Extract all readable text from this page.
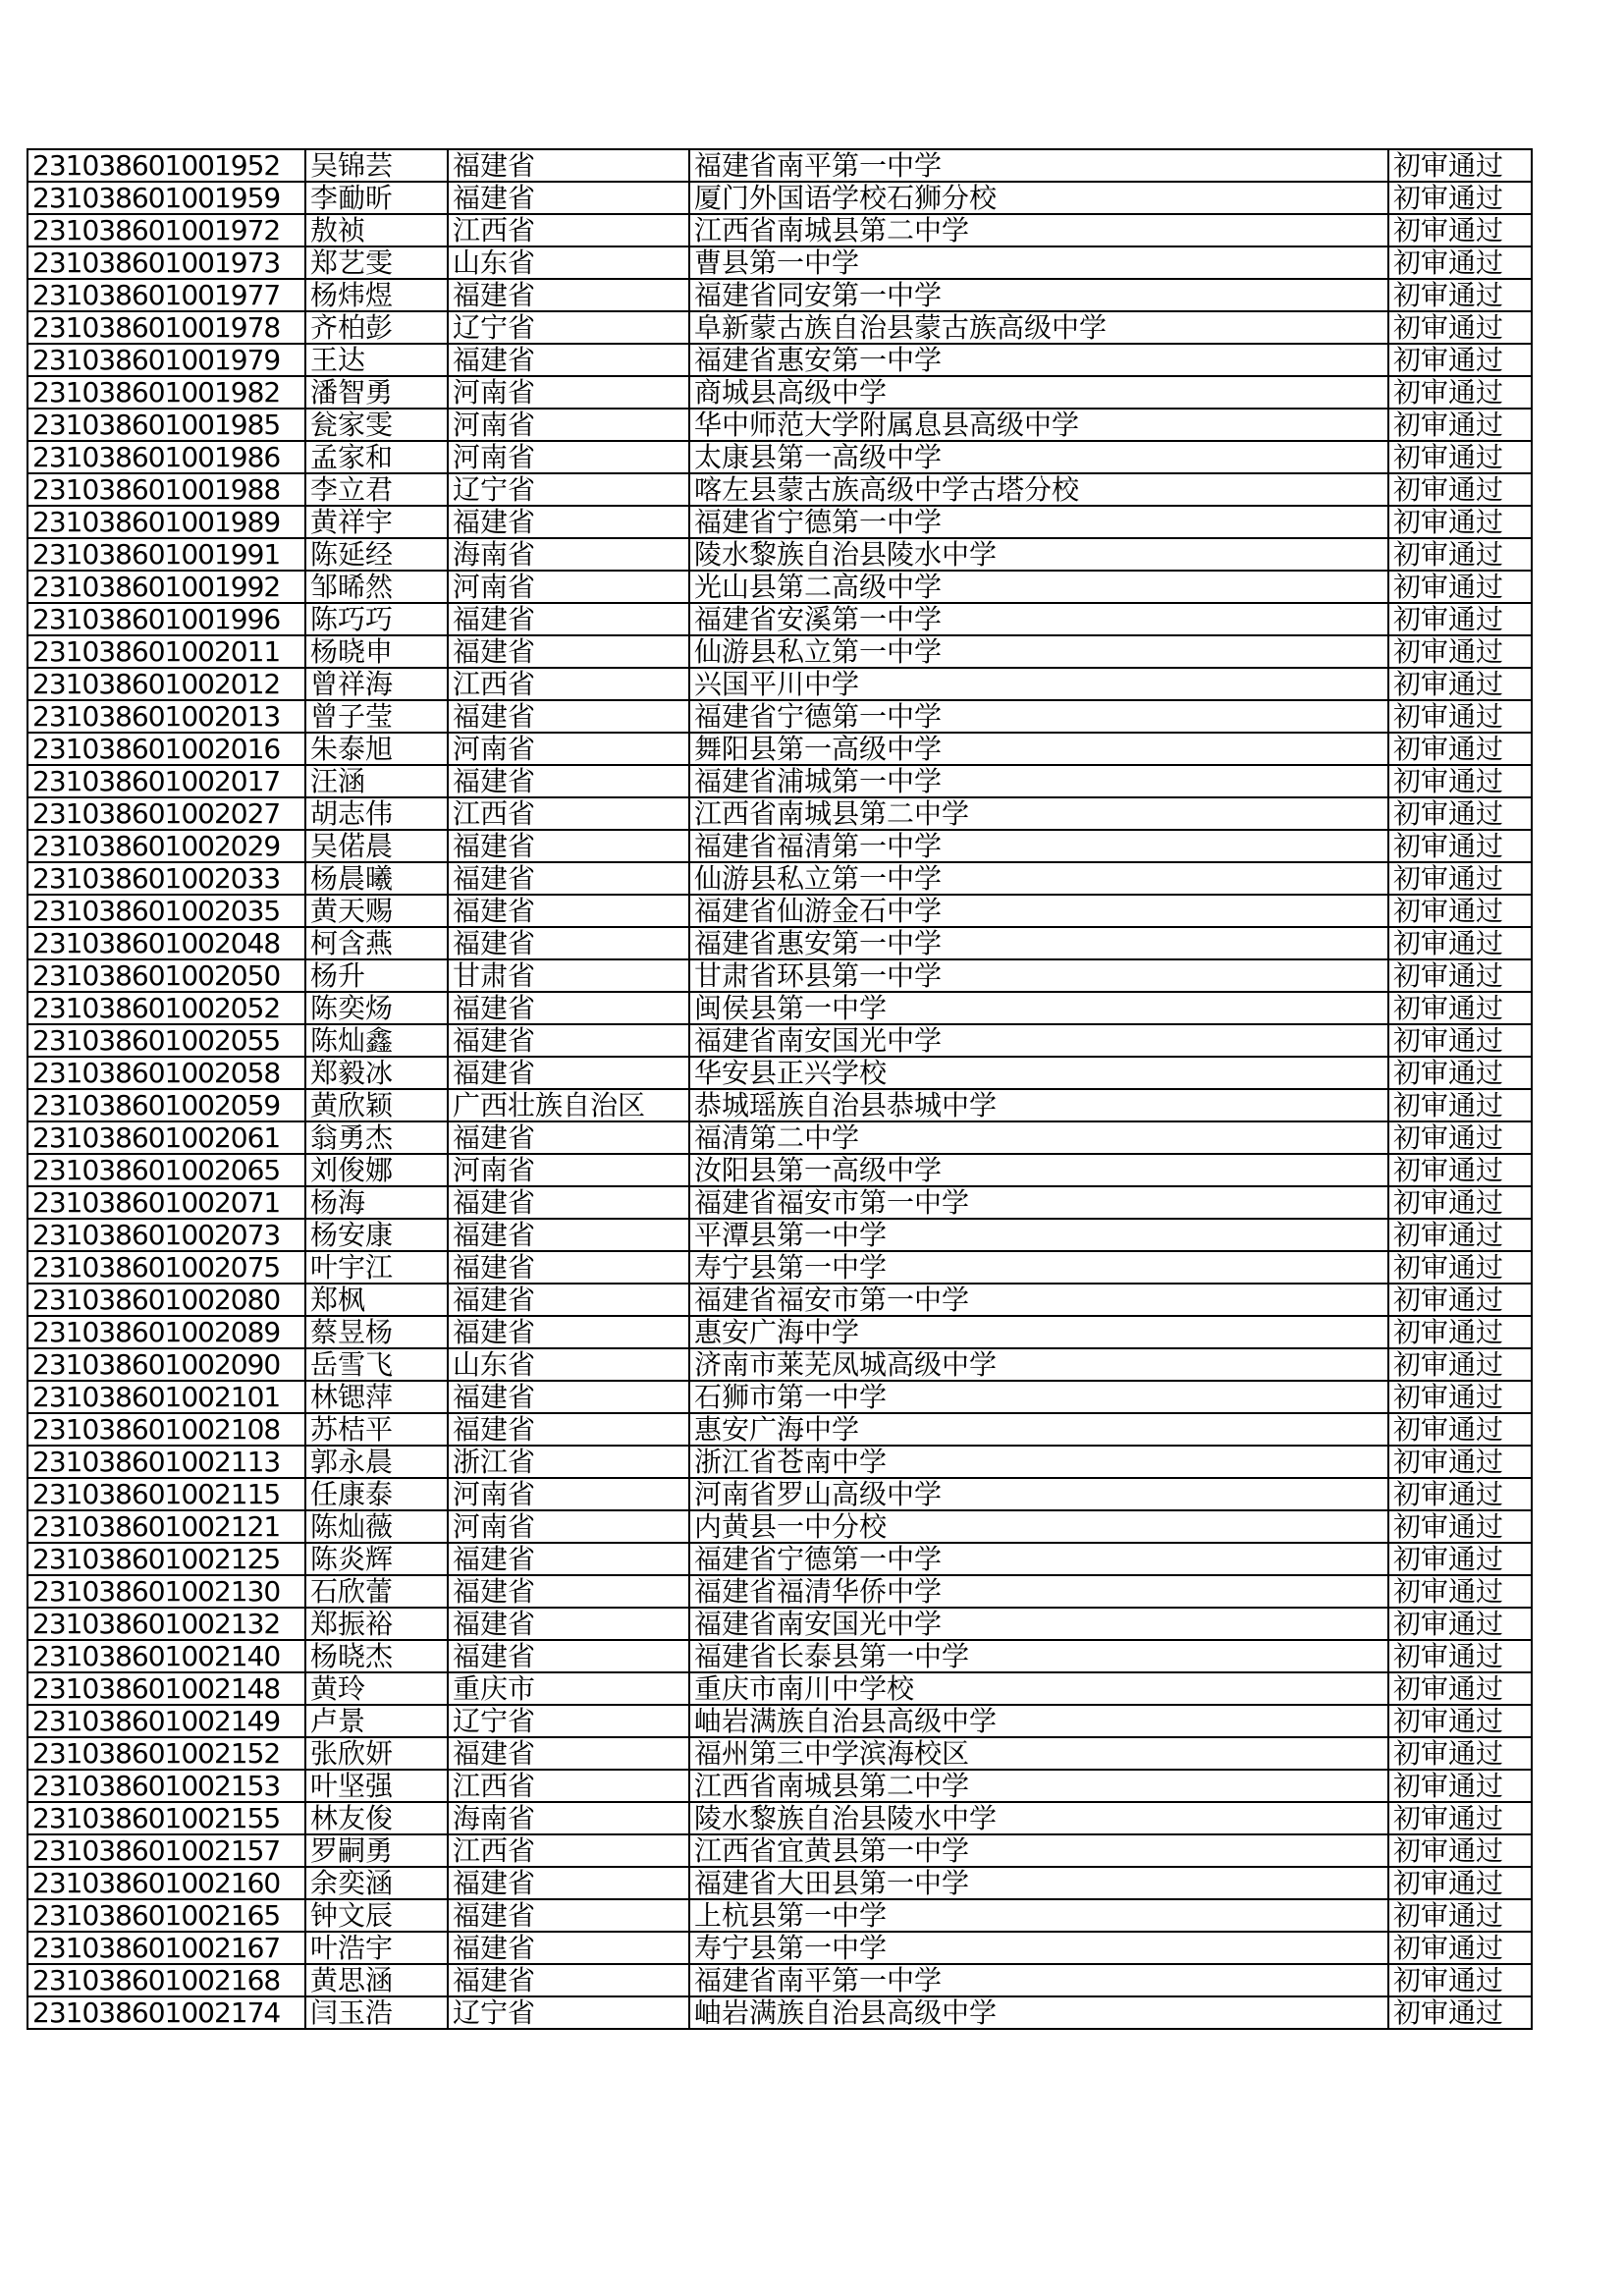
231038601001952	吴锦芸	福建省	福建省南平第一中学	初审通过
231038601001959	李勔昕	福建省	厦门外国语学校石狮分校	初审通过
231038601001972	敖祯	江西省	江西省南城县第二中学	初审通过
231038601001973	郑艺雯	山东省	曹县第一中学	初审通过
231038601001977	杨炜煜	福建省	福建省同安第一中学	初审通过
231038601001978	齐柏彭	辽宁省	阜新蒙古族自治县蒙古族高级中学	初审通过
231038601001979	王达	福建省	福建省惠安第一中学	初审通过
231038601001982	潘智勇	河南省	商城县高级中学	初审通过
231038601001985	瓮家雯	河南省	华中师范大学附属息县高级中学	初审通过
231038601001986	孟家和	河南省	太康县第一高级中学	初审通过
231038601001988	李立君	辽宁省	喀左县蒙古族高级中学古塔分校	初审通过
231038601001989	黄祥宇	福建省	福建省宁德第一中学	初审通过
231038601001991	陈延经	海南省	陵水黎族自治县陵水中学	初审通过
231038601001992	邹晞然	河南省	光山县第二高级中学	初审通过
231038601001996	陈巧巧	福建省	福建省安溪第一中学	初审通过
231038601002011	杨晓申	福建省	仙游县私立第一中学	初审通过
231038601002012	曾祥海	江西省	兴国平川中学	初审通过
231038601002013	曾子莹	福建省	福建省宁德第一中学	初审通过
231038601002016	朱泰旭	河南省	舞阳县第一高级中学	初审通过
231038601002017	汪涵	福建省	福建省浦城第一中学	初审通过
231038601002027	胡志伟	江西省	江西省南城县第二中学	初审通过
231038601002029	吴偌晨	福建省	福建省福清第一中学	初审通过
231038601002033	杨晨曦	福建省	仙游县私立第一中学	初审通过
231038601002035	黄天赐	福建省	福建省仙游金石中学	初审通过
231038601002048	柯含燕	福建省	福建省惠安第一中学	初审通过
231038601002050	杨升	甘肃省	甘肃省环县第一中学	初审通过
231038601002052	陈奕炀	福建省	闽侯县第一中学	初审通过
231038601002055	陈灿鑫	福建省	福建省南安国光中学	初审通过
231038601002058	郑毅冰	福建省	华安县正兴学校	初审通过
231038601002059	黄欣颖	广西壮族自治区	恭城瑶族自治县恭城中学	初审通过
231038601002061	翁勇杰	福建省	福清第二中学	初审通过
231038601002065	刘俊娜	河南省	汝阳县第一高级中学	初审通过
231038601002071	杨海	福建省	福建省福安市第一中学	初审通过
231038601002073	杨安康	福建省	平潭县第一中学	初审通过
231038601002075	叶宇江	福建省	寿宁县第一中学	初审通过
231038601002080	郑枫	福建省	福建省福安市第一中学	初审通过
231038601002089	蔡昱杨	福建省	惠安广海中学	初审通过
231038601002090	岳雪飞	山东省	济南市莱芜凤城高级中学	初审通过
231038601002101	林锶萍	福建省	石狮市第一中学	初审通过
231038601002108	苏桔平	福建省	惠安广海中学	初审通过
231038601002113	郭永晨	浙江省	浙江省苍南中学	初审通过
231038601002115	任康泰	河南省	河南省罗山高级中学	初审通过
231038601002121	陈灿薇	河南省	内黄县一中分校	初审通过
231038601002125	陈炎辉	福建省	福建省宁德第一中学	初审通过
231038601002130	石欣蕾	福建省	福建省福清华侨中学	初审通过
231038601002132	郑振裕	福建省	福建省南安国光中学	初审通过
231038601002140	杨晓杰	福建省	福建省长泰县第一中学	初审通过
231038601002148	黄玲	重庆市	重庆市南川中学校	初审通过
231038601002149	卢景	辽宁省	岫岩满族自治县高级中学	初审通过
231038601002152	张欣妍	福建省	福州第三中学滨海校区	初审通过
231038601002153	叶坚强	江西省	江西省南城县第二中学	初审通过
231038601002155	林友俊	海南省	陵水黎族自治县陵水中学	初审通过
231038601002157	罗嗣勇	江西省	江西省宜黄县第一中学	初审通过
231038601002160	余奕涵	福建省	福建省大田县第一中学	初审通过
231038601002165	钟文辰	福建省	上杭县第一中学	初审通过
231038601002167	叶浩宇	福建省	寿宁县第一中学	初审通过
231038601002168	黄思涵	福建省	福建省南平第一中学	初审通过
231038601002174	闫玉浩	辽宁省	岫岩满族自治县高级中学	初审通过
